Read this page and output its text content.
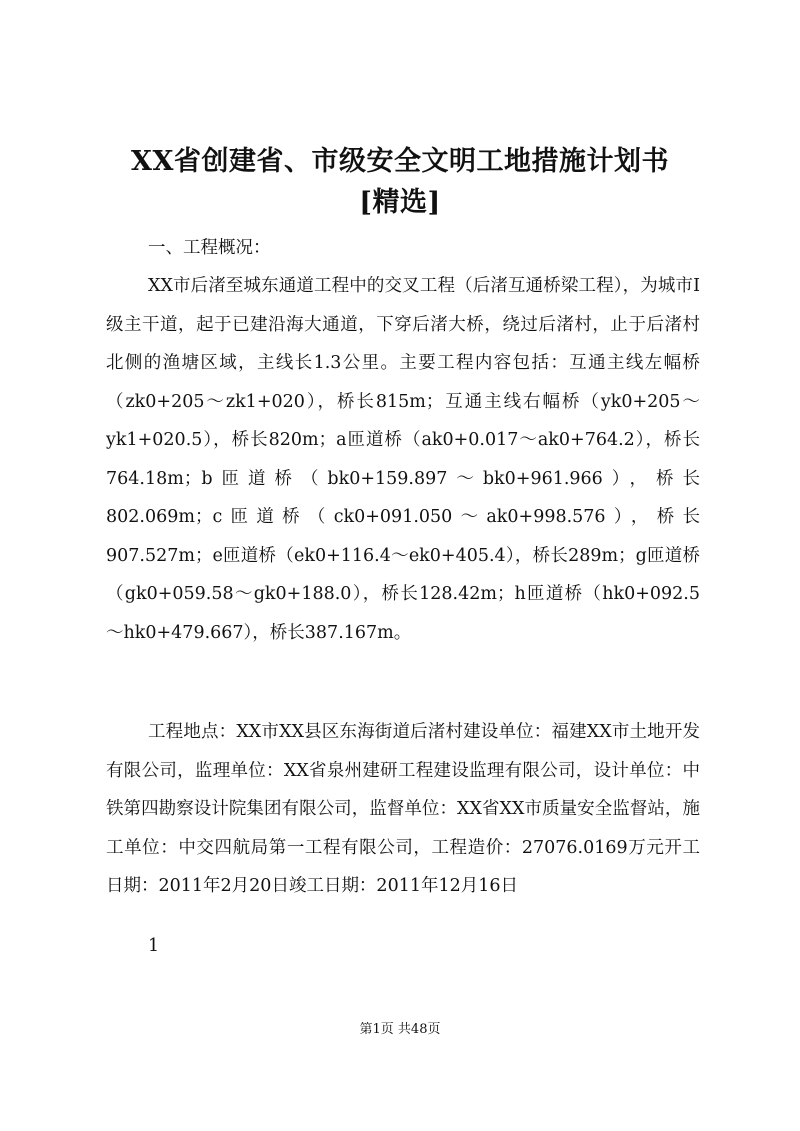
XX省创建省、市级安全文明工地措施计划书
[精选]
一、工程概况：
XX市后渚至城东通道工程中的交叉工程（后渚互通桥梁工程），为城市Ⅰ级主干道，起于已建沿海大通道，下穿后渚大桥，绕过后渚村，止于后渚村北侧的渔塘区域，主线长1.3公里。主要工程内容包括：互通主线左幅桥（zk0+205～zk1+020），桥长815m；互通主线右幅桥（yk0+205～yk1+020.5），桥长820m；a匝道桥（ak0+0.017～ak0+764.2），桥长764.18m；b匝道桥（bk0+159.897～bk0+961.966），桥长802.069m；c匝道桥（ck0+091.050～ak0+998.576），桥长907.527m；e匝道桥（ek0+116.4～ek0+405.4），桥长289m；g匝道桥（gk0+059.58～gk0+188.0），桥长128.42m；h匝道桥（hk0+092.5～hk0+479.667），桥长387.167m。
工程地点：XX市XX县区东海街道后渚村建设单位：福建XX市土地开发有限公司，监理单位：XX省泉州建研工程建设监理有限公司，设计单位：中铁第四勘察设计院集团有限公司，监督单位：XX省XX市质量安全监督站，施工单位：中交四航局第一工程有限公司，工程造价：27076.0169万元开工日期：2011年2月20日竣工日期：2011年12月16日
1
第1页 共48页
